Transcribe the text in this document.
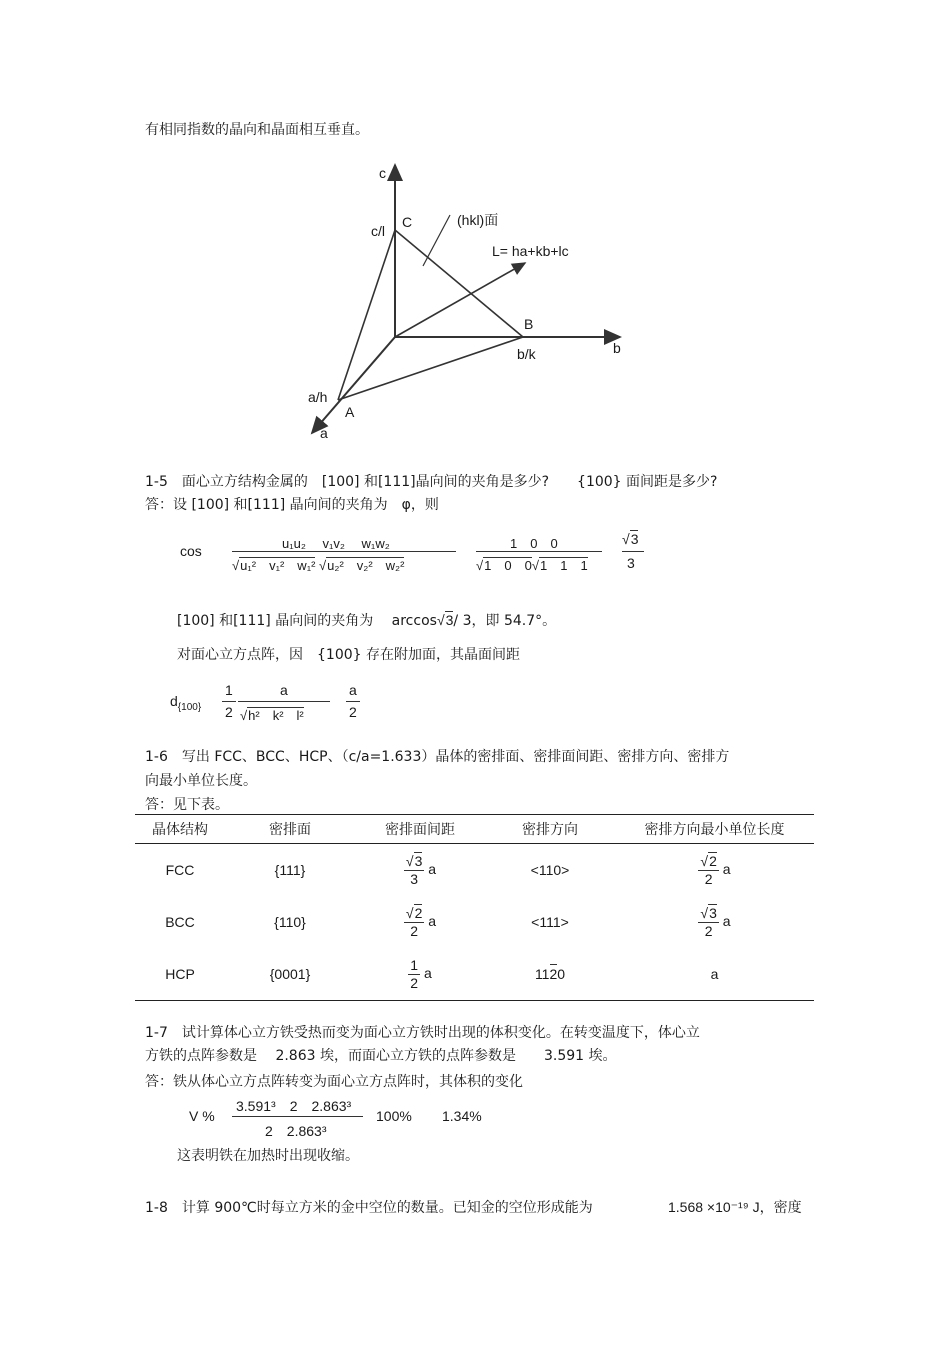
有相同指数的晶向和晶面相互垂直。
c
c/l
C	(hkl)面
L= ha+kb+lc
B
b/k	b
a/h
A
a
1-5　面心立方结构金属的　[100] 和[111]晶向间的夹角是多少?　　{100} 面间距是多少?
答：设 [100] 和[111] 晶向间的夹角为　φ，则
cos	u₁u₂　 v₁v₂　 w₁w₂
√u₁²　v₁²　w₁² √u₂²　v₂²　w₂²
1　0　0
√1　0　0√1　1　1
√3
3
[100] 和[111] 晶向间的夹角为　 arccos√3/ 3，即 54.7°。
对面心立方点阵，因　{100} 存在附加面，其晶面间距
$d_{\{100\}}$
1
2
a
√h²　k²　l²
a
2
1-6　写出 FCC、BCC、HCP、（c/a=1.633）晶体的密排面、密排面间距、密排方向、密排方
向最小单位长度。
答：见下表。
晶体结构	密排面	密排面间距	密排方向	密排方向最小单位长度
FCC	{111}	$\frac{√3}{3}$ a	<110>	$\frac{√2}{2}$ a
BCC	{110}	$\frac{√2}{2}$ a	<111>	$\frac{√3}{2}$ a
HCP	{0001}	$\frac{1}{2}$ a	1120	a
1-7　试计算体心立方铁受热而变为面心立方铁时出现的体积变化。在转变温度下，体心立
方铁的点阵参数是　 2.863 埃，而面心立方铁的点阵参数是　　3.591 埃。
答：铁从体心立方点阵转变为面心立方点阵时，其体积的变化
V %
3.591³　2　2.863³
2　2.863³
100% 1.34%
这表明铁在加热时出现收缩。
1-8　计算 900℃时每立方米的金中空位的数量。已知金的空位形成能为	1.568 ×10⁻¹⁹ J，密度
